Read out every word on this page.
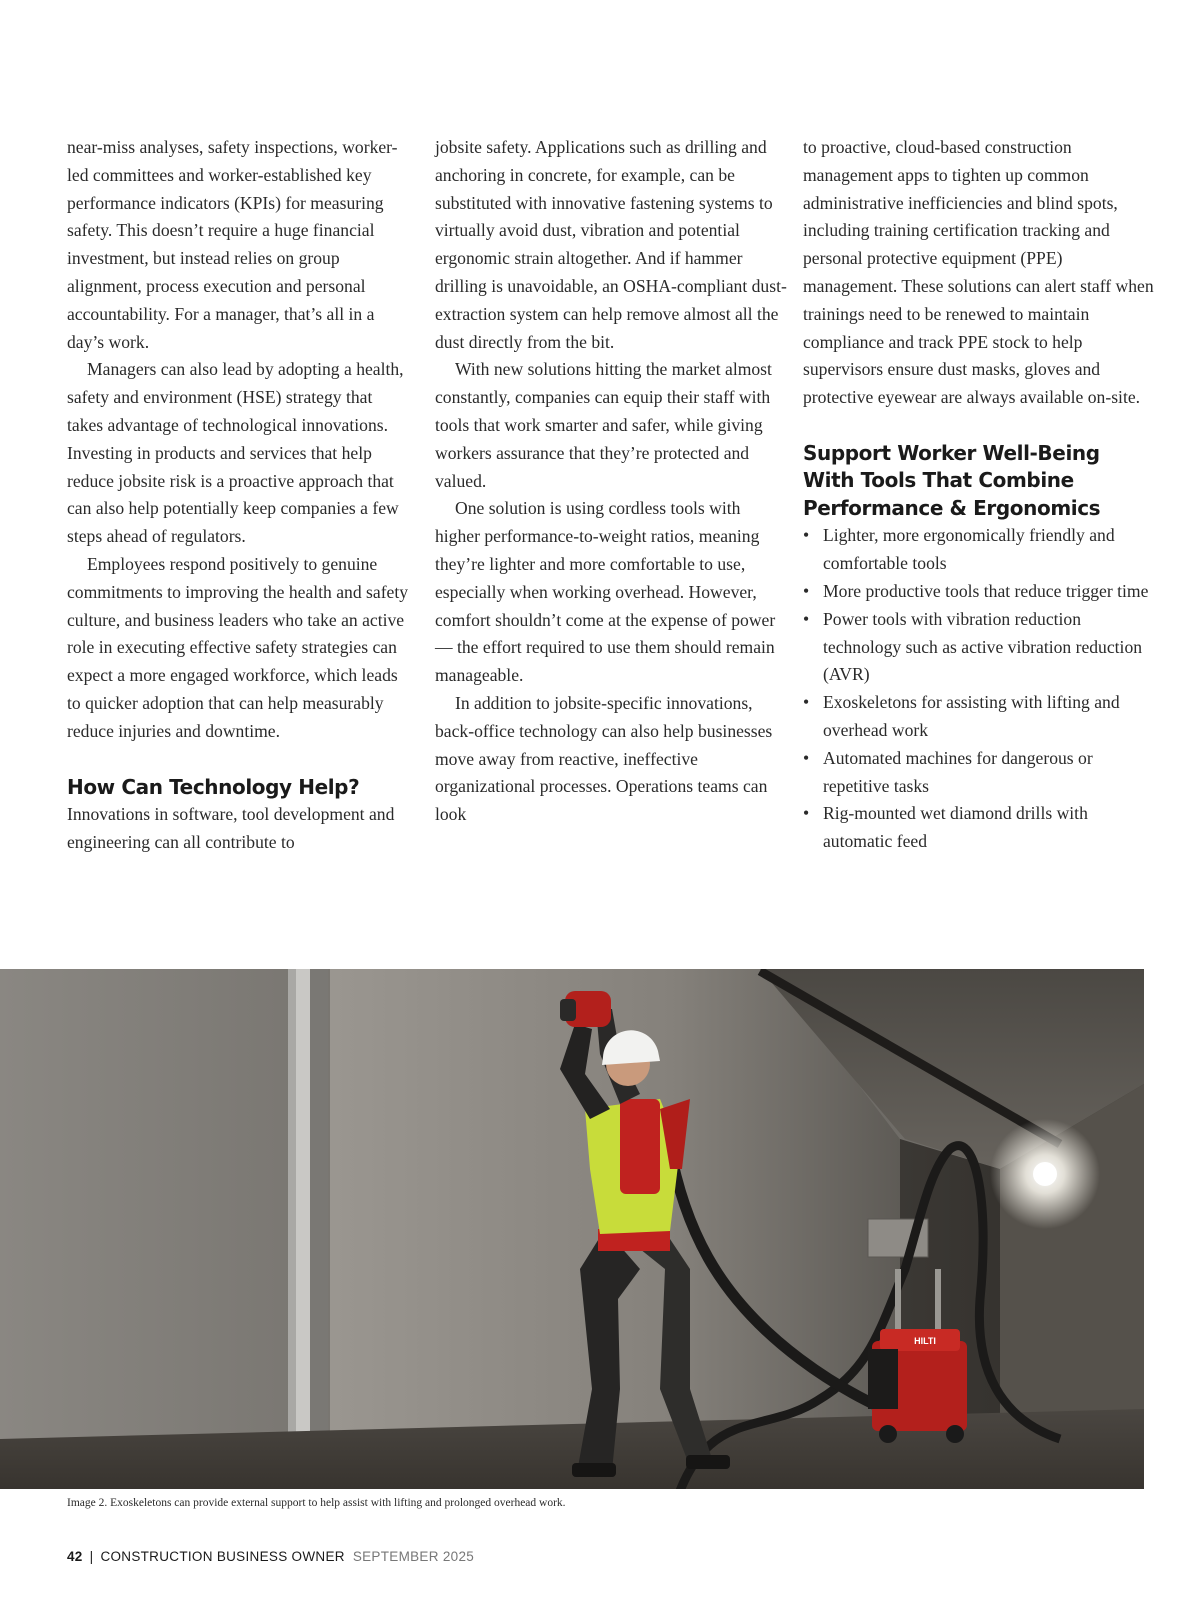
near-miss analyses, safety inspections, worker-led committees and worker-established key performance indicators (KPIs) for measuring safety. This doesn’t require a huge financial investment, but instead relies on group alignment, process execution and personal accountability. For a manager, that’s all in a day’s work.

Managers can also lead by adopting a health, safety and environment (HSE) strategy that takes advantage of technological innovations. Investing in products and services that help reduce jobsite risk is a proactive approach that can also help potentially keep companies a few steps ahead of regulators.

Employees respond positively to genuine commitments to improving the health and safety culture, and business leaders who take an active role in executing effective safety strategies can expect a more engaged workforce, which leads to quicker adoption that can help measurably reduce injuries and downtime.

How Can Technology Help?

Innovations in software, tool development and engineering can all contribute to

jobsite safety. Applications such as drilling and anchoring in concrete, for example, can be substituted with innovative fastening systems to virtually avoid dust, vibration and potential ergonomic strain altogether. And if hammer drilling is unavoidable, an OSHA-compliant dust-extraction system can help remove almost all the dust directly from the bit.

With new solutions hitting the market almost constantly, companies can equip their staff with tools that work smarter and safer, while giving workers assurance that they’re protected and valued.

One solution is using cordless tools with higher performance-to-weight ratios, meaning they’re lighter and more comfortable to use, especially when working overhead. However, comfort shouldn’t come at the expense of power — the effort required to use them should remain manageable.

In addition to jobsite-specific innovations, back-office technology can also help businesses move away from reactive, ineffective organizational processes. Operations teams can look

to proactive, cloud-based construction management apps to tighten up common administrative inefficiencies and blind spots, including training certification tracking and personal protective equipment (PPE) management. These solutions can alert staff when trainings need to be renewed to maintain compliance and track PPE stock to help supervisors ensure dust masks, gloves and protective eyewear are always available on-site.

Support Worker Well-Being With Tools That Combine Performance & Ergonomics
• Lighter, more ergonomically friendly and comfortable tools
• More productive tools that reduce trigger time
• Power tools with vibration reduction technology such as active vibration reduction (AVR)
• Exoskeletons for assisting with lifting and overhead work
• Automated machines for dangerous or repetitive tasks
• Rig-mounted wet diamond drills with automatic feed
HILTI
Image 2. Exoskeletons can provide external support to help assist with lifting and prolonged overhead work.
42 | CONSTRUCTION BUSINESS OWNER SEPTEMBER 2025
